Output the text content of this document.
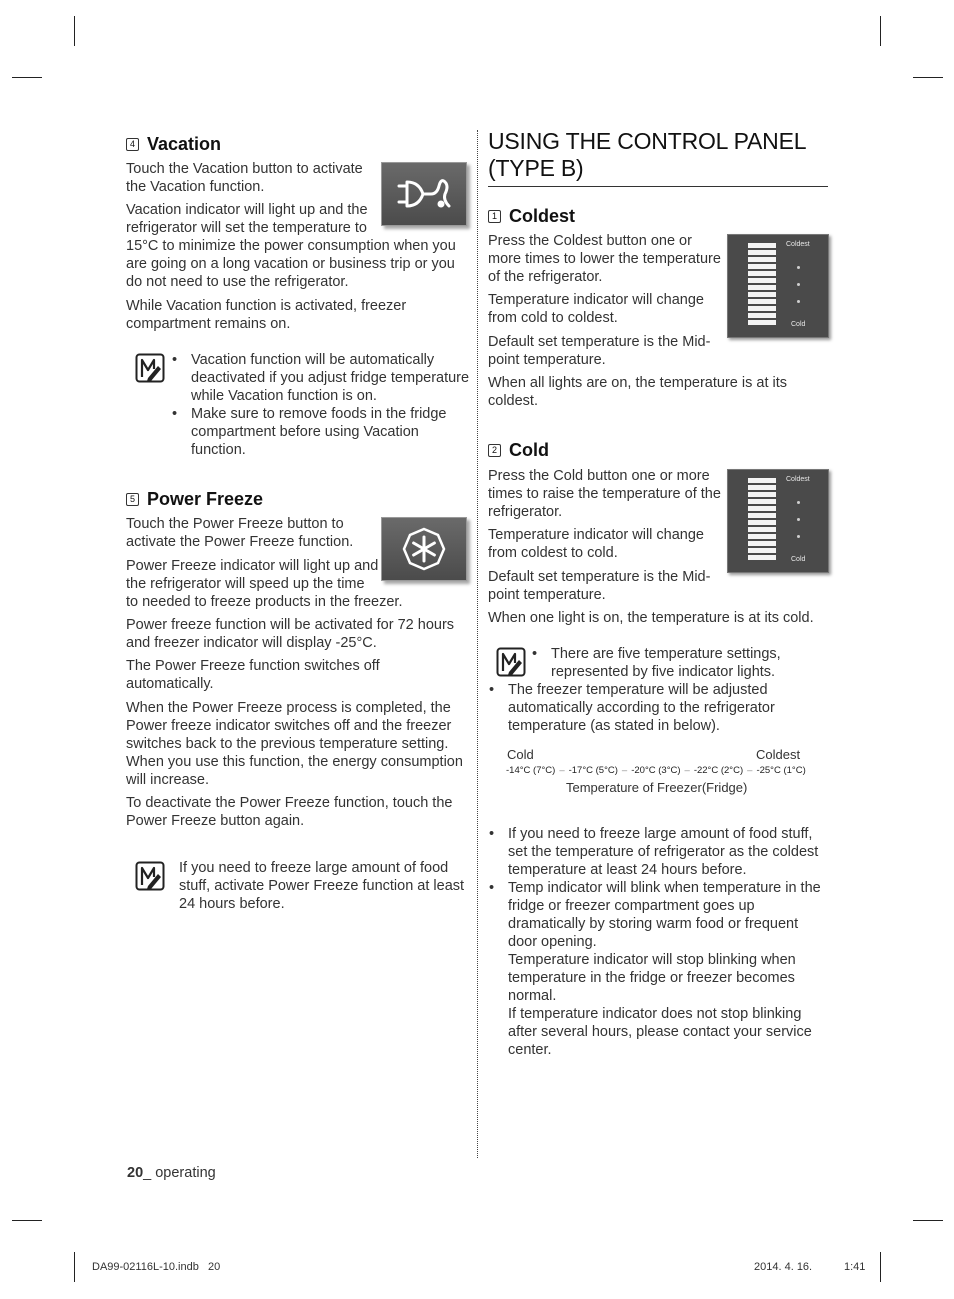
4 Vacation
Touch the Vacation button to activate the Vacation function.
Vacation indicator will light up and the refrigerator will set the temperature to
15°C to minimize the power consumption when you are going on a long vacation or business trip or you do not need to use the refrigerator.
While Vacation function is activated, freezer compartment remains on.
• Vacation function will be automatically deactivated if you adjust fridge temperature while Vacation function is on.
• Make sure to remove foods in the fridge compartment before using Vacation function.
5 Power Freeze
Touch the Power Freeze button to activate the Power Freeze function.
Power Freeze indicator will light up and the refrigerator will speed up the time
to needed to freeze products in the freezer.
Power freeze function will be activated for 72 hours and freezer indicator will display -25°C.
The Power Freeze function switches off automatically.
When the Power Freeze process is completed, the Power freeze indicator switches off and the freezer switches back to the previous temperature setting. When you use this function, the energy consumption will increase.
To deactivate the Power Freeze function, touch the Power Freeze button again.
If you need to freeze large amount of food stuff, activate Power Freeze function at least 24 hours before.
USING THE CONTROL PANEL (TYPE B)
1 Coldest
Press the Coldest button one or more times to lower the temperature of the refrigerator.
Temperature indicator will change from cold to coldest.
Default set temperature is the Mid-point temperature.
When all lights are on, the temperature is at its coldest.
Coldest
Cold
2 Cold
Press the Cold button one or more times to raise the temperature of the refrigerator.
Temperature indicator will change from coldest to cold.
Default set temperature is the Mid-point temperature.
When one light is on, the temperature is at its cold.
Coldest
Cold
• There are five temperature settings, represented by five indicator lights.
• The freezer temperature will be adjusted automatically according to the refrigerator temperature (as stated in below).
Cold	Coldest
-14°C (7°C) – -17°C (5°C) – -20°C (3°C) – -22°C (2°C) – -25°C (1°C)
Temperature of Freezer(Fridge)
• If you need to freeze large amount of food stuff, set the temperature of refrigerator as the coldest temperature at least 24 hours before.
• Temp indicator will blink when temperature in the fridge or freezer compartment goes up dramatically by storing warm food or frequent door opening.
Temperature indicator will stop blinking when temperature in the fridge or freezer becomes normal.
If temperature indicator does not stop blinking after several hours, please contact your service center.
20_ operating
DA99-02116L-10.indb   20	2014. 4. 16.	1:41
